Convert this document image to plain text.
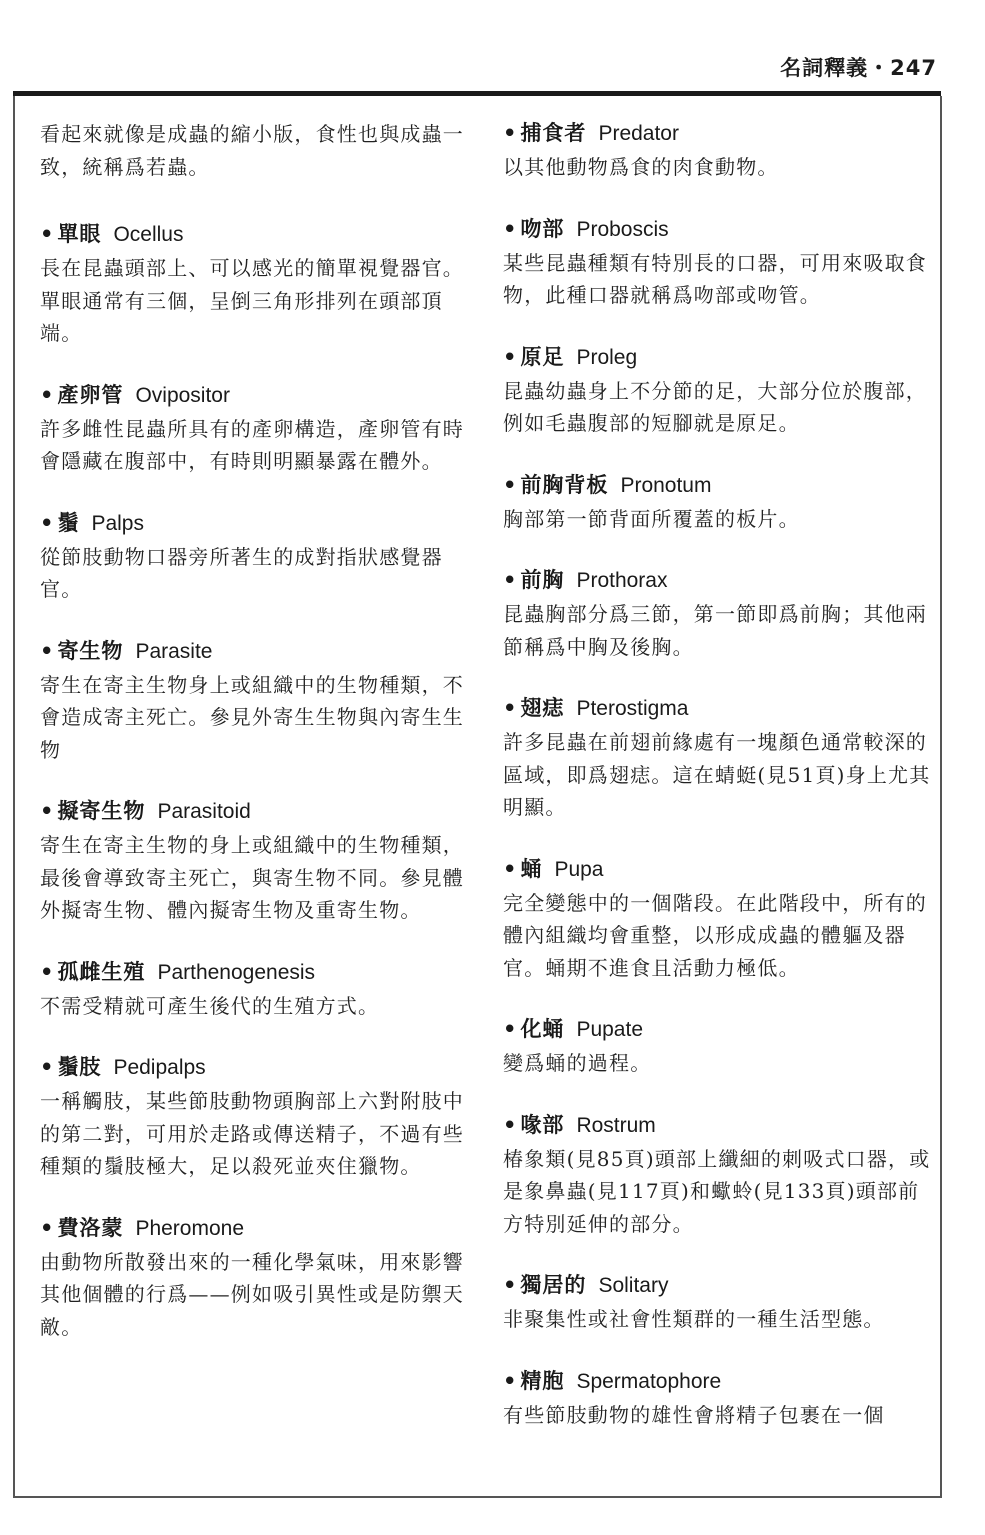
名詞釋義・247
看起來就像是成蟲的縮小版，食性也與成蟲一致，統稱爲若蟲。
• 單眼 Ocellus
長在昆蟲頭部上、可以感光的簡單視覺器官。單眼通常有三個，呈倒三角形排列在頭部頂端。
• 產卵管 Ovipositor
許多雌性昆蟲所具有的產卵構造，產卵管有時會隱藏在腹部中，有時則明顯暴露在體外。
• 鬚 Palps
從節肢動物口器旁所著生的成對指狀感覺器官。
• 寄生物 Parasite
寄生在寄主生物身上或組織中的生物種類，不會造成寄主死亡。參見外寄生生物與內寄生生物
• 擬寄生物 Parasitoid
寄生在寄主生物的身上或組織中的生物種類，最後會導致寄主死亡，與寄生物不同。參見體外擬寄生物、體內擬寄生物及重寄生物。
• 孤雌生殖 Parthenogenesis
不需受精就可產生後代的生殖方式。
• 鬚肢 Pedipalps
一稱觸肢，某些節肢動物頭胸部上六對附肢中的第二對，可用於走路或傳送精子，不過有些種類的鬚肢極大，足以殺死並夾住獵物。
• 費洛蒙 Pheromone
由動物所散發出來的一種化學氣味，用來影響其他個體的行爲——例如吸引異性或是防禦天敵。
• 捕食者 Predator
以其他動物爲食的肉食動物。
• 吻部 Proboscis
某些昆蟲種類有特別長的口器，可用來吸取食物，此種口器就稱爲吻部或吻管。
• 原足 Proleg
昆蟲幼蟲身上不分節的足，大部分位於腹部，例如毛蟲腹部的短腳就是原足。
• 前胸背板 Pronotum
胸部第一節背面所覆蓋的板片。
• 前胸 Prothorax
昆蟲胸部分爲三節，第一節即爲前胸；其他兩節稱爲中胸及後胸。
• 翅痣 Pterostigma
許多昆蟲在前翅前緣處有一塊顏色通常較深的區域，即爲翅痣。這在蜻蜓(見51頁)身上尤其明顯。
• 蛹 Pupa
完全變態中的一個階段。在此階段中，所有的體內組織均會重整，以形成成蟲的體軀及器官。蛹期不進食且活動力極低。
• 化蛹 Pupate
變爲蛹的過程。
• 喙部 Rostrum
椿象類(見85頁)頭部上纖細的刺吸式口器，或是象鼻蟲(見117頁)和蠍蛉(見133頁)頭部前方特別延伸的部分。
• 獨居的 Solitary
非聚集性或社會性類群的一種生活型態。
• 精胞 Spermatophore
有些節肢動物的雄性會將精子包裹在一個
